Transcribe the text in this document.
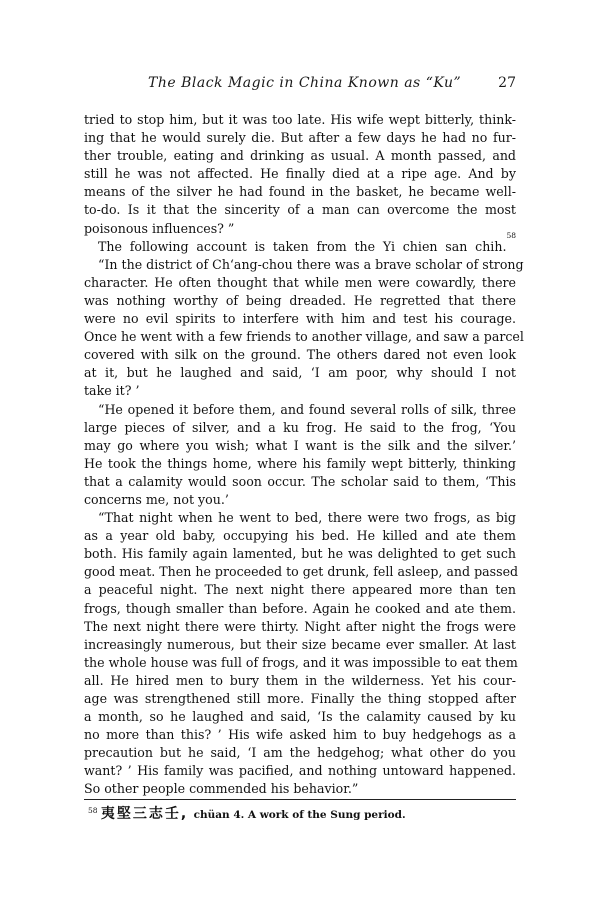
The Black Magic in China Known as “Ku”	27
tried to stop him, but it was too late. His wife wept bitterly, think-
ing that he would surely die. But after a few days he had no fur-
ther trouble, eating and drinking as usual. A month passed, and
still he was not affected. He finally died at a ripe age. And by
means of the silver he had found in the basket, he became well-
to-do. Is it that the sincerity of a man can overcome the most
poisonous influences? ”
The following account is taken from the Yi chien san chih.$^{58}$
“In the district of Ch‘ang-chou there was a brave scholar of strong
character. He often thought that while men were cowardly, there
was nothing worthy of being dreaded. He regretted that there
were no evil spirits to interfere with him and test his courage.
Once he went with a few friends to another village, and saw a parcel
covered with silk on the ground. The others dared not even look
at it, but he laughed and said, ‘I am poor, why should I not
take it? ’
“He opened it before them, and found several rolls of silk, three
large pieces of silver, and a ku frog. He said to the frog, ‘You
may go where you wish; what I want is the silk and the silver.’
He took the things home, where his family wept bitterly, thinking
that a calamity would soon occur. The scholar said to them, ‘This
concerns me, not you.’
“That night when he went to bed, there were two frogs, as big
as a year old baby, occupying his bed. He killed and ate them
both. His family again lamented, but he was delighted to get such
good meat. Then he proceeded to get drunk, fell asleep, and passed
a peaceful night. The next night there appeared more than ten
frogs, though smaller than before. Again he cooked and ate them.
The next night there were thirty. Night after night the frogs were
increasingly numerous, but their size became ever smaller. At last
the whole house was full of frogs, and it was impossible to eat them
all. He hired men to bury them in the wilderness. Yet his cour-
age was strengthened still more. Finally the thing stopped after
a month, so he laughed and said, ‘Is the calamity caused by ku
no more than this? ’ His wife asked him to buy hedgehogs as a
precaution but he said, ‘I am the hedgehog; what other do you
want? ’ His family was pacified, and nothing untoward happened.
So other people commended his behavior.”
$^{58}$ 夷堅三志壬, chüan 4. A work of the Sung period.
